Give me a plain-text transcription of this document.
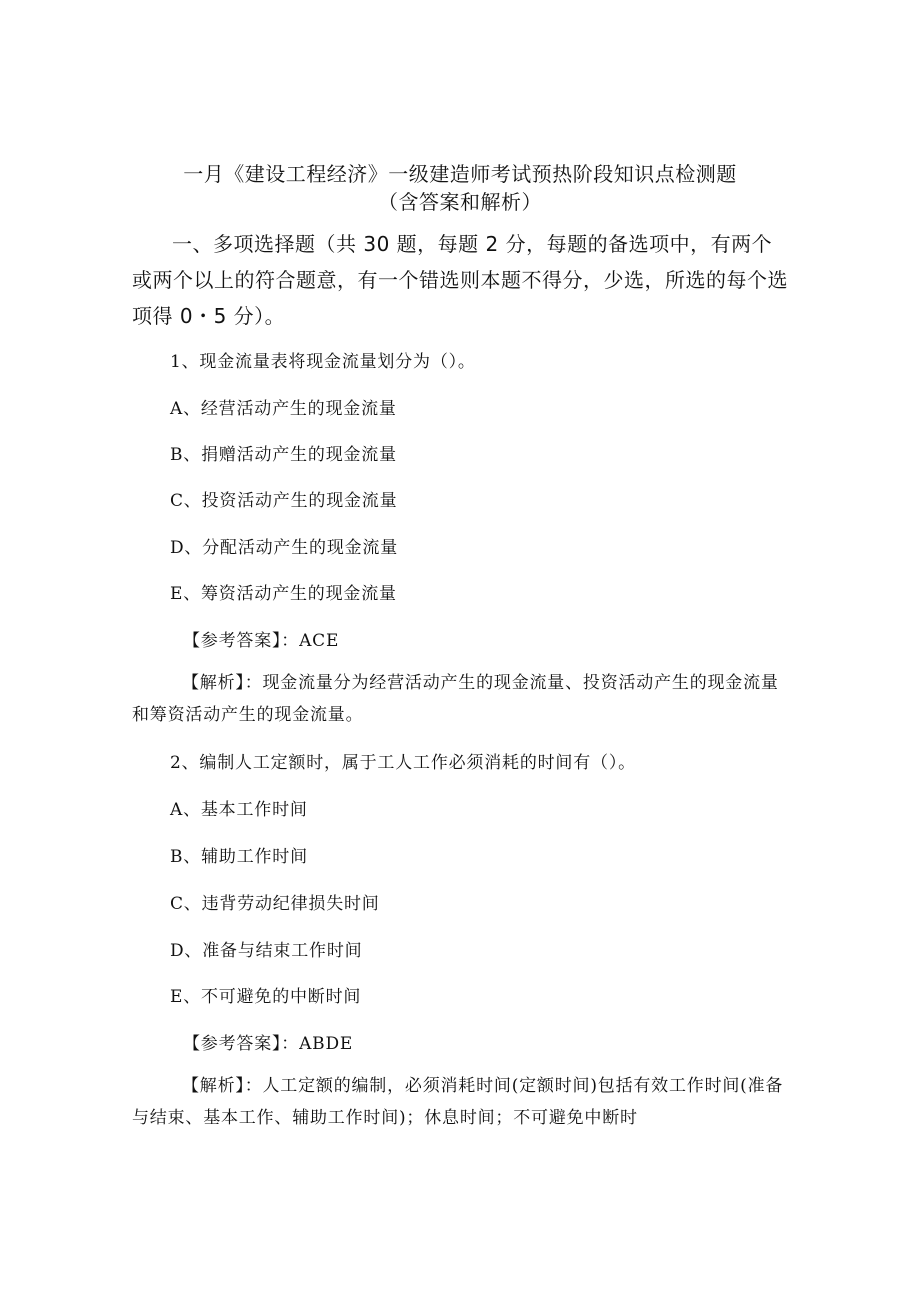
一月《建设工程经济》一级建造师考试预热阶段知识点检测题
（含答案和解析）
一、多项选择题（共 30 题，每题 2 分，每题的备选项中，有两个或两个以上的符合题意，有一个错选则本题不得分，少选，所选的每个选项得 0・5 分）。
1、现金流量表将现金流量划分为（）。
A、经营活动产生的现金流量
B、捐赠活动产生的现金流量
C、投资活动产生的现金流量
D、分配活动产生的现金流量
E、筹资活动产生的现金流量
【参考答案】：ACE
【解析】：现金流量分为经营活动产生的现金流量、投资活动产生的现金流量和筹资活动产生的现金流量。
2、编制人工定额时，属于工人工作必须消耗的时间有（）。
A、基本工作时间
B、辅助工作时间
C、违背劳动纪律损失时间
D、准备与结束工作时间
E、不可避免的中断时间
【参考答案】：ABDE
【解析】：人工定额的编制，必须消耗时间(定额时间)包括有效工作时间(准备与结束、基本工作、辅助工作时间)；休息时间；不可避免中断时
